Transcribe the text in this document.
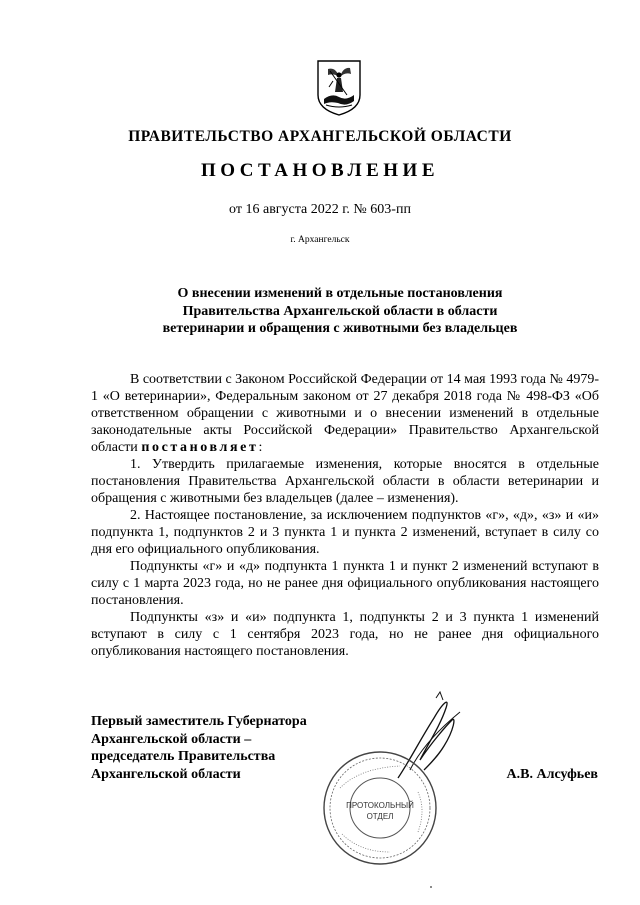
ПРАВИТЕЛЬСТВО АРХАНГЕЛЬСКОЙ ОБЛАСТИ
ПОСТАНОВЛЕНИЕ
от 16 августа 2022 г. № 603-пп
г. Архангельск
О внесении изменений в отдельные постановления
Правительства Архангельской области в области
ветеринарии и обращения с животными без владельцев

В соответствии с Законом Российской Федерации от 14 мая 1993 года № 4979-1 «О ветеринарии», Федеральным законом от 27 декабря 2018 года № 498-ФЗ «Об ответственном обращении с животными и о внесении изменений в отдельные законодательные акты Российской Федерации» Правительство Архангельской области постановляет:

1. Утвердить прилагаемые изменения, которые вносятся в отдельные постановления Правительства Архангельской области в области ветеринарии и обращения с животными без владельцев (далее – изменения).

2. Настоящее постановление, за исключением подпунктов «г», «д», «з» и «и» подпункта 1, подпунктов 2 и 3 пункта 1 и пункта 2 изменений, вступает в силу со дня его официального опубликования.

Подпункты «г» и «д» подпункта 1 пункта 1 и пункт 2 изменений вступают в силу с 1 марта 2023 года, но не ранее дня официального опубликования настоящего постановления.

Подпункты «з» и «и» подпункта 1, подпункты 2 и 3 пункта 1 изменений вступают в силу с 1 сентября 2023 года, но не ранее дня официального опубликования настоящего постановления.

Первый заместитель Губернатора
Архангельской области –
председатель Правительства
Архангельской области	А.В. Алсуфьев
ПРОТОКОЛЬНЫЙ
ОТДЕЛ
